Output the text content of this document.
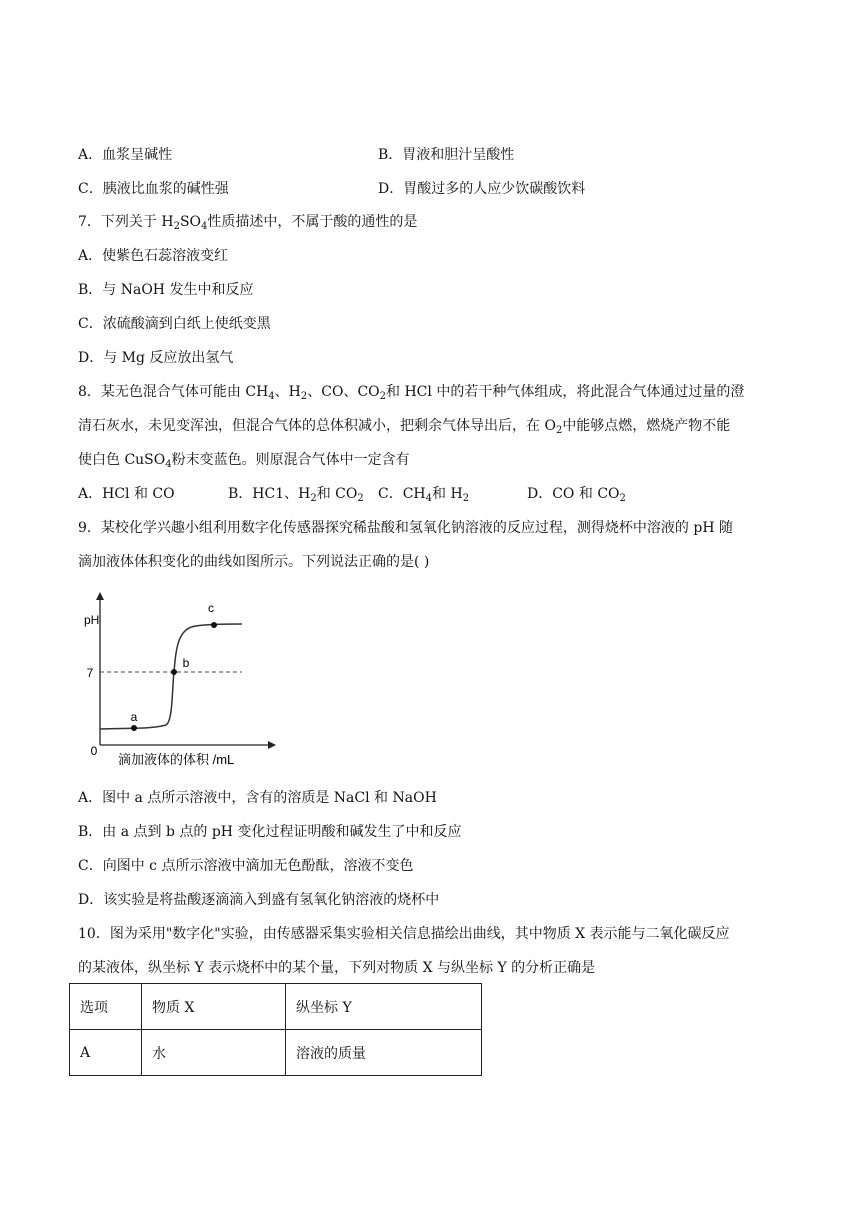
A．血浆呈碱性	B．胃液和胆汁呈酸性
C．胰液比血浆的碱性强	D．胃酸过多的人应少饮碳酸饮料
7．下列关于 $H_2SO_4$性质描述中，不属于酸的通性的是
A．使紫色石蕊溶液变红
B．与 NaOH 发生中和反应
C．浓硫酸滴到白纸上使纸变黑
D．与 Mg 反应放出氢气
8．某无色混合气体可能由 $CH_4$、$H_2$、CO、$CO_2$和 HCl 中的若干种气体组成，将此混合气体通过过量的澄
清石灰水，未见变浑浊，但混合气体的总体积减小，把剩余气体导出后，在 $O_2$中能够点燃，燃烧产物不能
使白色 CuSO$_4$粉末变蓝色。则原混合气体中一定含有
A．HCl 和 CO	B．HC1、$H_2$和 $CO_2$ C．$CH_4$和 $H_2$	D．CO 和 $CO_2$
9．某校化学兴趣小组利用数字化传感器探究稀盐酸和氢氧化钠溶液的反应过程，测得烧杯中溶液的 pH 随
滴加液体体积变化的曲线如图所示。下列说法正确的是( )
a
b
c
pH
7
0
滴加液体的体积 /mL
A．图中 a 点所示溶液中，含有的溶质是 NaCl 和 NaOH
B．由 a 点到 b 点的 pH 变化过程证明酸和碱发生了中和反应
C．向图中 c 点所示溶液中滴加无色酚酞，溶液不变色
D．该实验是将盐酸逐滴滴入到盛有氢氧化钠溶液的烧杯中
10．图为采用"数字化"实验，由传感器采集实验相关信息描绘出曲线，其中物质 X 表示能与二氧化碳反应
的某液体，纵坐标 Y 表示烧杯中的某个量，下列对物质 X 与纵坐标 Y 的分析正确是
选项	物质 X	纵坐标 Y
A	水	溶液的质量
